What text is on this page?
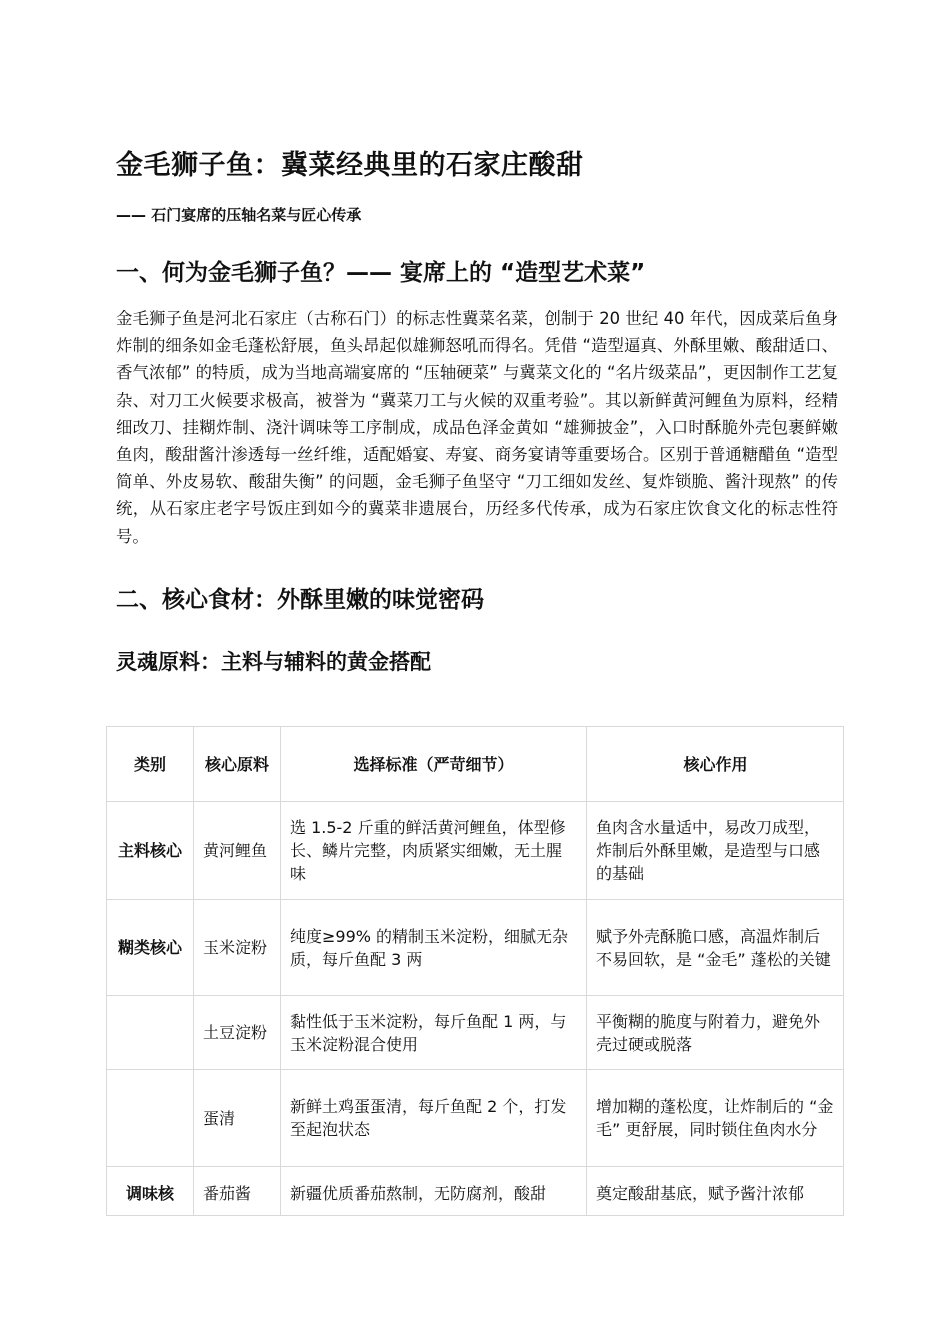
金毛狮子鱼：冀菜经典里的石家庄酸甜

—— 石门宴席的压轴名菜与匠心传承

一、何为金毛狮子鱼？—— 宴席上的 “造型艺术菜”

金毛狮子鱼是河北石家庄（古称石门）的标志性冀菜名菜，创制于 20 世纪 40 年代，因成菜后鱼身炸制的细条如金毛蓬松舒展，鱼头昂起似雄狮怒吼而得名。凭借 “造型逼真、外酥里嫩、酸甜适口、香气浓郁” 的特质，成为当地高端宴席的 “压轴硬菜” 与冀菜文化的 “名片级菜品”，更因制作工艺复杂、对刀工火候要求极高，被誉为 “冀菜刀工与火候的双重考验”。其以新鲜黄河鲤鱼为原料，经精细改刀、挂糊炸制、浇汁调味等工序制成，成品色泽金黄如 “雄狮披金”，入口时酥脆外壳包裹鲜嫩鱼肉，酸甜酱汁渗透每一丝纤维，适配婚宴、寿宴、商务宴请等重要场合。区别于普通糖醋鱼 “造型简单、外皮易软、酸甜失衡” 的问题，金毛狮子鱼坚守 “刀工细如发丝、复炸锁脆、酱汁现熬” 的传统，从石家庄老字号饭庄到如今的冀菜非遗展台，历经多代传承，成为石家庄饮食文化的标志性符号。

二、核心食材：外酥里嫩的味觉密码
灵魂原料：主料与辅料的黄金搭配
类别	核心原料	选择标准（严苛细节）	核心作用
主料核心	黄河鲤鱼	选 1.5-2 斤重的鲜活黄河鲤鱼，体型修长、鳞片完整，肉质紧实细嫩，无土腥味	鱼肉含水量适中，易改刀成型，炸制后外酥里嫩，是造型与口感的基础
糊类核心	玉米淀粉	纯度≥99% 的精制玉米淀粉，细腻无杂质，每斤鱼配 3 两	赋予外壳酥脆口感，高温炸制后不易回软，是 “金毛” 蓬松的关键
	土豆淀粉	黏性低于玉米淀粉，每斤鱼配 1 两，与玉米淀粉混合使用	平衡糊的脆度与附着力，避免外壳过硬或脱落
	蛋清	新鲜土鸡蛋蛋清，每斤鱼配 2 个，打发至起泡状态	增加糊的蓬松度，让炸制后的 “金毛” 更舒展，同时锁住鱼肉水分
调味核	番茄酱	新疆优质番茄熬制，无防腐剂，酸甜	奠定酸甜基底，赋予酱汁浓郁
